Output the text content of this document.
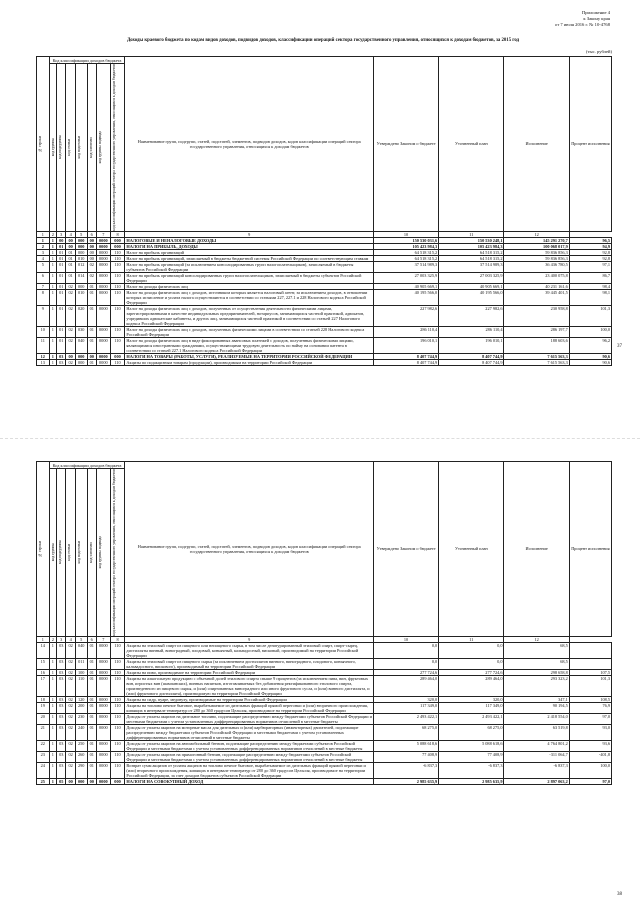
Приложение 4
к Закону края
от 7 июля 2016 г. № 10-4768
Доходы краевого бюджета по кодам видов доходов, подвидов доходов, классификации операций сектора государственного управления, относящихся к доходам бюджетов, за 2015 год
(тыс. рублей)
№ строки	Код классификации доходов бюджета							Наименование групп, подгрупп, статей, подстатей, элементов, подвидов доходов, кодов классификации операций сектора государственного управления, относящихся к доходам бюджетов	Утверждено Законом о бюджете	Уточненный план	Исполнение	Процент исполнения

	код группы	код подгруппы	код статьи	код подстатьи	код элемента	код группы подвида	код классификации операций сектора государственного управления, относящихся к доходам бюджетов					

1	2	3	4	5	6	7	8	9	10	11	12	
1	1	00	00	000	00	0000	000	НАЛОГОВЫЕ И НЕНАЛОГОВЫЕ ДОХОДЫ	150 530 031,6	150 530 248,1	145 291 270,7	96,5
2	1	01	00	000	00	0000	000	НАЛОГИ НА ПРИБЫЛЬ, ДОХОДЫ	105 423 984,3	105 423 984,3	100 068 017,9	94,9
3	1	01	01	000	00	0000	110	Налог на прибыль организаций	64 518 315,2	64 518 315,2	59 836 856,3	92,8
4	1	01	01	010	00	0000	110	Налог на прибыль организаций, зачисляемый в бюджеты бюджетной системы Российской Федерации по соответствующим ставкам	64 518 315,2	64 518 315,2	59 836 856,3	92,8
5	1	01	01	012	02	0000	110	Налог на прибыль организаций (за исключением консолидированных групп налогоплательщиков), зачисляемый в бюджеты субъектов Российской Федерации	37 514 989,3	37 514 989,3	36 436 780,5	97,1
6	1	01	01	014	02	0000	110	Налог на прибыль организаций консолидированных групп налогоплательщиков, зачисляемый в бюджеты субъектов Российской Федерации	27 003 325,9	27 003 325,9	23 400 075,8	86,7
7	1	01	02	000	01	0000	110	Налог на доходы физических лиц	40 905 669,1	40 905 669,1	40 231 161,6	98,4
8	1	01	02	010	01	0000	110	Налог на доходы физических лиц с доходов, источником которых является налоговый агент, за исключением доходов, в отношении которых исчисление и уплата налога осуществляются в соответствии со статьями 227, 227.1 и 228 Налогового кодекса Российской Федерации	40 195 566,0	40 195 566,0	39 445 401,5	98,1
9	1	01	02	020	01	0000	110	Налог на доходы физических лиц с доходов, полученных от осуществления деятельности физическими лицами, зарегистрированными в качестве индивидуальных предпринимателей, нотариусов, занимающихся частной практикой, адвокатов, учредивших адвокатские кабинеты, и других лиц, занимающихся частной практикой в соответствии со статьей 227 Налогового кодекса Российской Федерации	227 982,6	227 982,6	230 958,8	101,3
10	1	01	02	030	01	0000	110	Налог на доходы физических лиц с доходов, полученных физическими лицами в соответствии со статьей 228 Налогового кодекса Российской Федерации	286 110,4	286 110,4	286 197,7	100,0
11	1	01	02	040	01	0000	110	Налог на доходы физических лиц в виде фиксированных авансовых платежей с доходов, полученных физическими лицами, являющимися иностранными гражданами, осуществляющими трудовую деятельность по найму на основании патента в соответствии со статьей 227.1 Налогового кодекса Российской Федерации	196 010,1	196 010,1	188 603,6	96,2
12	1	03	00	000	00	0000	000	НАЛОГИ НА ТОВАРЫ (РАБОТЫ, УСЛУГИ), РЕАЛИЗУЕМЫЕ НА ТЕРРИТОРИИ РОССИЙСКОЙ ФЕДЕРАЦИИ	8 407 744,9	8 407 744,9	7 615 563,3	90,6
13	1	03	02	000	01	0000	110	Акцизы по подакцизным товарам (продукции), производимым на территории Российской Федерации	8 407 744,9	8 407 744,9	7 615 563,3	90,6
37
№ строки	Код классификации доходов бюджета							Наименование групп, подгрупп, статей, подстатей, элементов, подвидов доходов, кодов классификации операций сектора государственного управления, относящихся к доходам бюджетов	Утверждено Законом о бюджете	Уточненный план	Исполнение	Процент исполнения

	код группы	код подгруппы	код статьи	код подстатьи	код элемента	код группы подвида	код классификации операций сектора государственного управления, относящихся к доходам бюджетов					

1	2	3	4	5	6	7	8	9	10	11	12	
14	1	03	02	040	01	0000	110	Акцизы на этиловый спирт из пищевого или непищевого сырья, в том числе денатурированный этиловый спирт, спирт-сырец, дистилляты винный, виноградный, плодовый, коньячный, кальвадосный, висковый, производимый на территории Российской Федерации	0,0	0,0	68,5	
15	1	03	02	011	01	0000	110	Акцизы на этиловый спирт из пищевого сырья (за исключением дистиллятов винного, виноградного, плодового, коньячного, кальвадосного, вискового), производимый на территории Российской Федерации	0,0	0,0	68,5	
16	1	03	02	100	01	0000	110	Акцизы на пиво, производимое на территории Российской Федерации	277 724,6	277 724,6	298 658,8	107,5
17	1	03	02	110	01	0000	110	Акцизы на алкогольную продукцию с объемной долей этилового спирта свыше 9 процентов (за исключением пива, вин, фруктовых вин, игристых вин (шампанских), винных напитков, изготавливаемых без добавления ректификованного этилового спирта, произведенного из пищевого сырья, и (или) спиртованных виноградного или иного фруктового сусла, и (или) винного дистиллята, и (или) фруктового дистиллята), производимую на территории Российской Федерации	289 464,0	289 464,0	293 323,2	101,3
18	1	03	02	120	01	0000	110	Акцизы на сидр, пуаре, медовуху, производимые на территории Российской Федерации	320,0	320,0	347,1	108,5
19	1	03	02	200	01	0000	110	Акцизы на топливо печное бытовое, вырабатываемое из дизельных фракций прямой перегонки и (или) вторичного происхождения, кипящих в интервале температур от 280 до 360 градусов Цельсия, производимое на территории Российской Федерации	117 349,0	117 349,0	90 194,5	76,9
20	1	03	02	230	01	0000	110	Доходы от уплаты акцизов на дизельное топливо, подлежащие распределению между бюджетами субъектов Российской Федерации и местными бюджетами с учетом установленных дифференцированных нормативов отчислений в местные бюджеты	2 493 422,1	2 493 422,1	2 418 554,0	97,0
21	1	03	02	240	01	0000	110	Доходы от уплаты акцизов на моторные масла для дизельных и (или) карбюраторных (инжекторных) двигателей, подлежащие распределению между бюджетами субъектов Российской Федерации и местными бюджетами с учетом установленных дифференцированных нормативов отчислений в местные бюджеты	68 275,0	68 275,0	63 519,8	93,0
22	1	03	02	250	01	0000	110	Доходы от уплаты акцизов на автомобильный бензин, подлежащие распределению между бюджетами субъектов Российской Федерации и местными бюджетами с учетом установленных дифференцированных нормативов отчислений в местные бюджеты	5 088 618,6	5 088 618,6	4 764 801,2	93,6
23	1	03	02	260	01	0000	110	Доходы от уплаты акцизов на прямогонный бензин, подлежащие распределению между бюджетами субъектов Российской Федерации и местными бюджетами с учетом установленных дифференцированных нормативов отчислений в местные бюджеты	77 408,9	77 408,9	-311 064,7	-401,8
24	1	03	02	290	01	0000	110	Возврат сумм акцизов от уплаты акцизов на топливо печное бытовое, вырабатываемое из дизельных фракций прямой перегонки и (или) вторичного происхождения, кипящих в интервале температур от 280 до 360 градусов Цельсия, производимое на территории Российской Федерации, за счет доходов бюджетов субъектов Российской Федерации	-6 837,3	-6 837,3	-6 837,3	100,0
25	1	05	00	000	00	0000	000	НАЛОГИ НА СОВОКУПНЫЙ ДОХОД	2 985 635,9	2 985 635,9	2 897 063,2	97,0
38
